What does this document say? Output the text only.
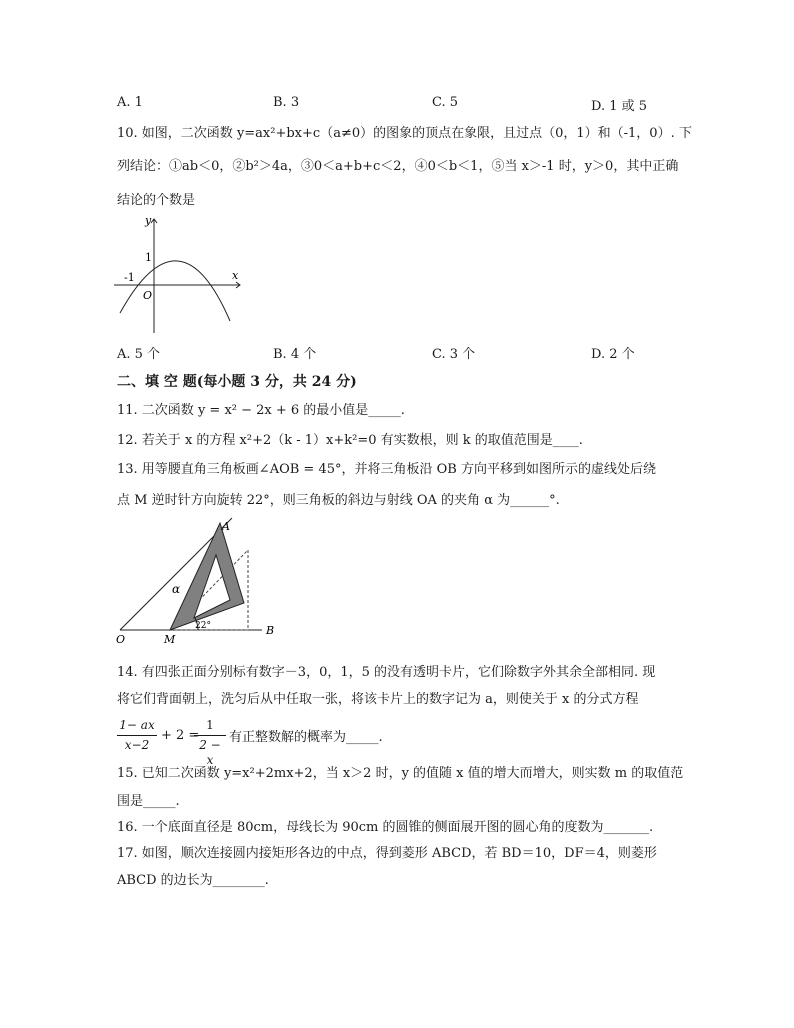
A. 1	B. 3	C. 5	D. 1 或 5
10. 如图，二次函数 y=ax²+bx+c（a≠0）的图象的顶点在象限，且过点（0，1）和（-1，0）. 下
列结论：①ab＜0，②b²＞4a，③0＜a+b+c＜2，④0＜b＜1，⑤当 x＞-1 时，y＞0，其中正确
结论的个数是
y
x
1
-1
O
A. 5 个	B. 4 个	C. 3 个	D. 2 个
二、填 空 题(每小题 3 分，共 24 分)
11. 二次函数 y = x² − 2x + 6 的最小值是_____.
12. 若关于 x 的方程 x²+2（k - 1）x+k²=0 有实数根，则 k 的取值范围是____.
13. 用等腰直角三角板画∠AOB = 45°，并将三角板沿 OB 方向平移到如图所示的虚线处后绕
点 M 逆时针方向旋转 22°，则三角板的斜边与射线 OA 的夹角 α 为______°.
A
O	M
B
α
22°
14. 有四张正面分别标有数字－3，0，1，5 的没有透明卡片，它们除数字外其余全部相同. 现
将它们背面朝上，洗匀后从中任取一张，将该卡片上的数字记为 a，则使关于 x 的分式方程
1− ax
x−2
+ 2 =
1
2 − x
有正整数解的概率为_____.
15. 已知二次函数 y=x²+2mx+2，当 x＞2 时，y 的值随 x 值的增大而增大，则实数 m 的取值范
围是_____.
16. 一个底面直径是 80cm，母线长为 90cm 的圆锥的侧面展开图的圆心角的度数为_______.
17. 如图，顺次连接圆内接矩形各边的中点，得到菱形 ABCD，若 BD＝10，DF＝4，则菱形
ABCD 的边长为________.
